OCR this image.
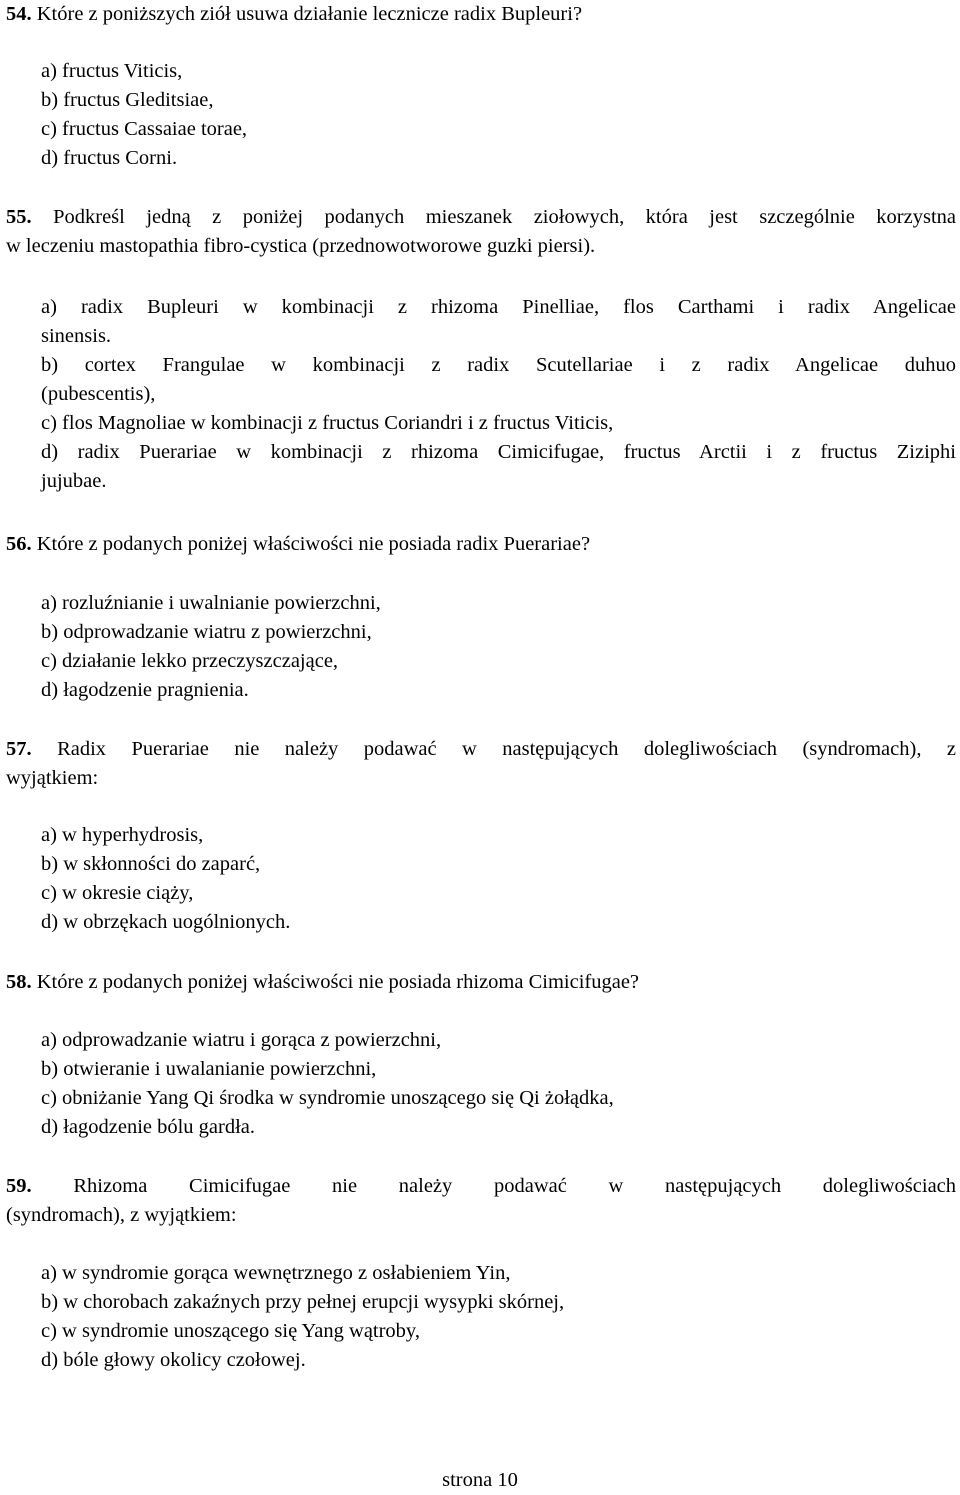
54. Które z poniższych ziół usuwa działanie lecznicze radix Bupleuri?

a) fructus Viticis,

b) fructus Gleditsiae,

c) fructus Cassaiae torae,

d) fructus Corni.

55. Podkreśl jedną z poniżej podanych mieszanek ziołowych, która jest szczególnie korzystna

w leczeniu mastopathia fibro-cystica (przednowotworowe guzki piersi).

a) radix Bupleuri w kombinacji z rhizoma Pinelliae, flos Carthami i radix Angelicae

sinensis.

b) cortex Frangulae w kombinacji z radix Scutellariae i z radix Angelicae duhuo

(pubescentis),

c) flos Magnoliae w kombinacji z fructus Coriandri i z fructus Viticis,

d) radix Puerariae w kombinacji z rhizoma Cimicifugae, fructus Arctii i z fructus Ziziphi

jujubae.

56. Które z podanych poniżej właściwości nie posiada radix Puerariae?

a) rozluźnianie i uwalnianie powierzchni,

b) odprowadzanie wiatru z powierzchni,

c) działanie lekko przeczyszczające,

d) łagodzenie pragnienia.

57. Radix Puerariae nie należy podawać w następujących dolegliwościach (syndromach), z

wyjątkiem:

a) w hyperhydrosis,

b) w skłonności do zaparć,

c) w okresie ciąży,

d) w obrzękach uogólnionych.

58. Które z podanych poniżej właściwości nie posiada rhizoma Cimicifugae?

a) odprowadzanie wiatru i gorąca z powierzchni,

b) otwieranie i uwalanianie powierzchni,

c) obniżanie Yang Qi środka w syndromie unoszącego się Qi żołądka,

d) łagodzenie bólu gardła.

59. Rhizoma Cimicifugae nie należy podawać w następujących dolegliwościach

(syndromach), z wyjątkiem:

a) w syndromie gorąca wewnętrznego z osłabieniem Yin,

b) w chorobach zakaźnych przy pełnej erupcji wysypki skórnej,

c) w syndromie unoszącego się Yang wątroby,

d) bóle głowy okolicy czołowej.

strona 10
